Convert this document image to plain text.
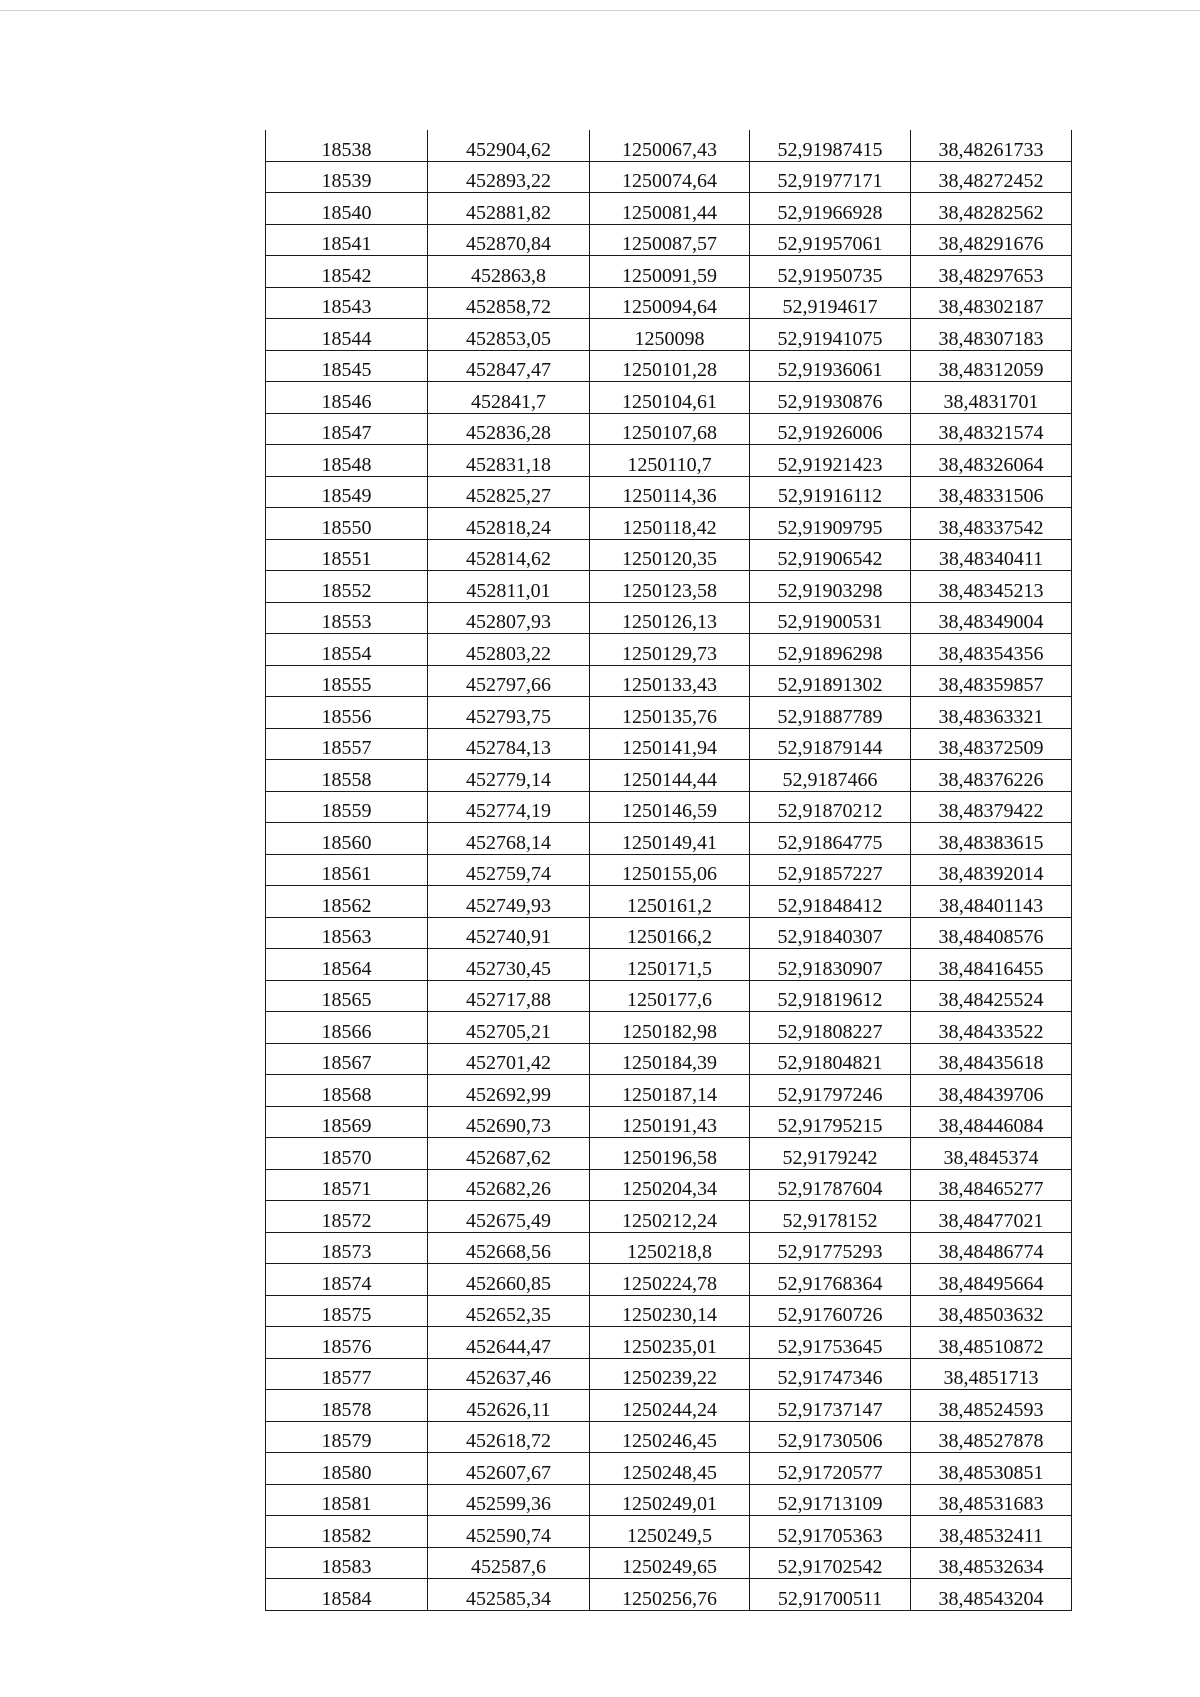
18538	452904,62	1250067,43	52,91987415	38,48261733
18539	452893,22	1250074,64	52,91977171	38,48272452
18540	452881,82	1250081,44	52,91966928	38,48282562
18541	452870,84	1250087,57	52,91957061	38,48291676
18542	452863,8	1250091,59	52,91950735	38,48297653
18543	452858,72	1250094,64	52,9194617	38,48302187
18544	452853,05	1250098	52,91941075	38,48307183
18545	452847,47	1250101,28	52,91936061	38,48312059
18546	452841,7	1250104,61	52,91930876	38,4831701
18547	452836,28	1250107,68	52,91926006	38,48321574
18548	452831,18	1250110,7	52,91921423	38,48326064
18549	452825,27	1250114,36	52,91916112	38,48331506
18550	452818,24	1250118,42	52,91909795	38,48337542
18551	452814,62	1250120,35	52,91906542	38,48340411
18552	452811,01	1250123,58	52,91903298	38,48345213
18553	452807,93	1250126,13	52,91900531	38,48349004
18554	452803,22	1250129,73	52,91896298	38,48354356
18555	452797,66	1250133,43	52,91891302	38,48359857
18556	452793,75	1250135,76	52,91887789	38,48363321
18557	452784,13	1250141,94	52,91879144	38,48372509
18558	452779,14	1250144,44	52,9187466	38,48376226
18559	452774,19	1250146,59	52,91870212	38,48379422
18560	452768,14	1250149,41	52,91864775	38,48383615
18561	452759,74	1250155,06	52,91857227	38,48392014
18562	452749,93	1250161,2	52,91848412	38,48401143
18563	452740,91	1250166,2	52,91840307	38,48408576
18564	452730,45	1250171,5	52,91830907	38,48416455
18565	452717,88	1250177,6	52,91819612	38,48425524
18566	452705,21	1250182,98	52,91808227	38,48433522
18567	452701,42	1250184,39	52,91804821	38,48435618
18568	452692,99	1250187,14	52,91797246	38,48439706
18569	452690,73	1250191,43	52,91795215	38,48446084
18570	452687,62	1250196,58	52,9179242	38,4845374
18571	452682,26	1250204,34	52,91787604	38,48465277
18572	452675,49	1250212,24	52,9178152	38,48477021
18573	452668,56	1250218,8	52,91775293	38,48486774
18574	452660,85	1250224,78	52,91768364	38,48495664
18575	452652,35	1250230,14	52,91760726	38,48503632
18576	452644,47	1250235,01	52,91753645	38,48510872
18577	452637,46	1250239,22	52,91747346	38,4851713
18578	452626,11	1250244,24	52,91737147	38,48524593
18579	452618,72	1250246,45	52,91730506	38,48527878
18580	452607,67	1250248,45	52,91720577	38,48530851
18581	452599,36	1250249,01	52,91713109	38,48531683
18582	452590,74	1250249,5	52,91705363	38,48532411
18583	452587,6	1250249,65	52,91702542	38,48532634
18584	452585,34	1250256,76	52,91700511	38,48543204
